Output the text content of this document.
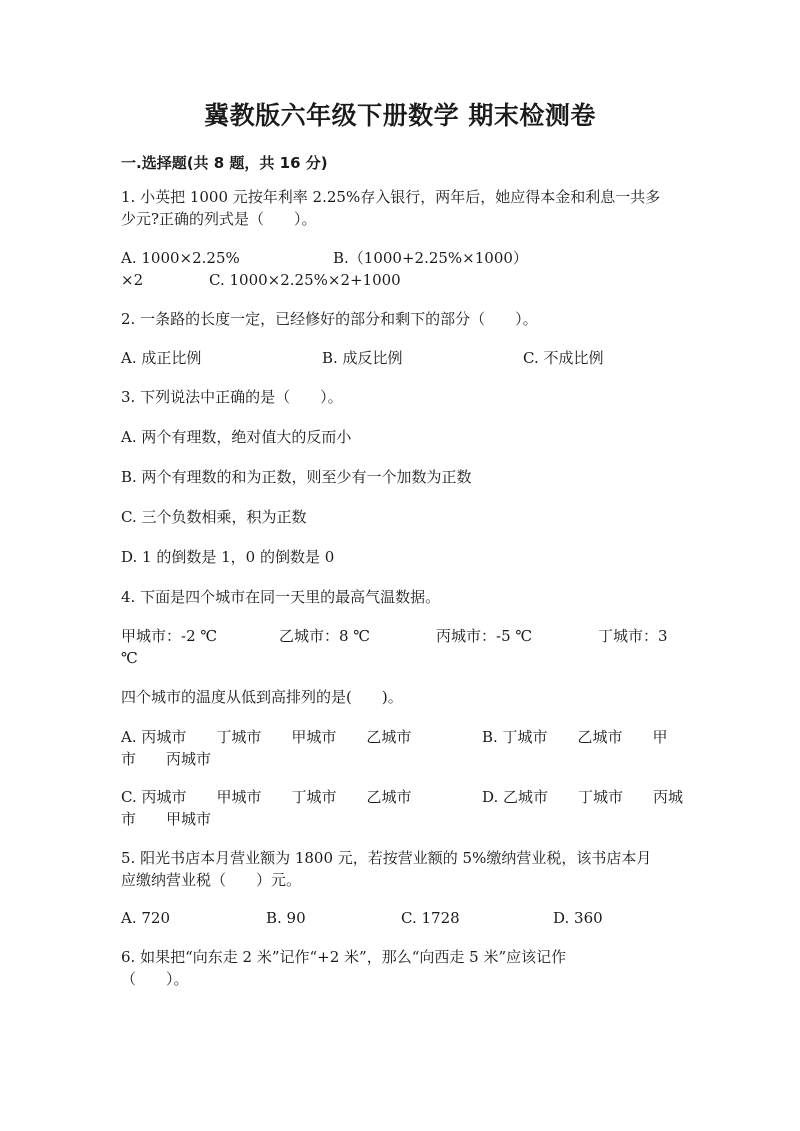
冀教版六年级下册数学 期末检测卷
一.选择题(共 8 题，共 16 分)
1. 小英把 1000 元按年利率 2.25%存入银行，两年后，她应得本金和利息一共多
少元?正确的列式是（　　）。
A. 1000×2.25%	B.（1000+2.25%×1000）
×2	C. 1000×2.25%×2+1000
2. 一条路的长度一定，已经修好的部分和剩下的部分（　　）。
A. 成正比例	B. 成反比例	C. 不成比例
3. 下列说法中正确的是（　　）。
A. 两个有理数，绝对值大的反而小
B. 两个有理数的和为正数，则至少有一个加数为正数
C. 三个负数相乘，积为正数
D. 1 的倒数是 1，0 的倒数是 0
4. 下面是四个城市在同一天里的最高气温数据。
甲城市：-2 ℃	乙城市：8 ℃	丙城市：-5 ℃	丁城市：3
℃
四个城市的温度从低到高排列的是(　　)。
A. 丙城市　　丁城市　　甲城市　　乙城市	B. 丁城市　　乙城市　　甲
市　　丙城市
C. 丙城市　　甲城市　　丁城市　　乙城市	D. 乙城市　　丁城市　　丙城
市　　甲城市
5. 阳光书店本月营业额为 1800 元，若按营业额的 5%缴纳营业税，该书店本月
应缴纳营业税（　　）元。
A. 720	B. 90	C. 1728	D. 360
6. 如果把“向东走 2 米”记作“+2 米”，那么“向西走 5 米”应该记作
（　　）。
